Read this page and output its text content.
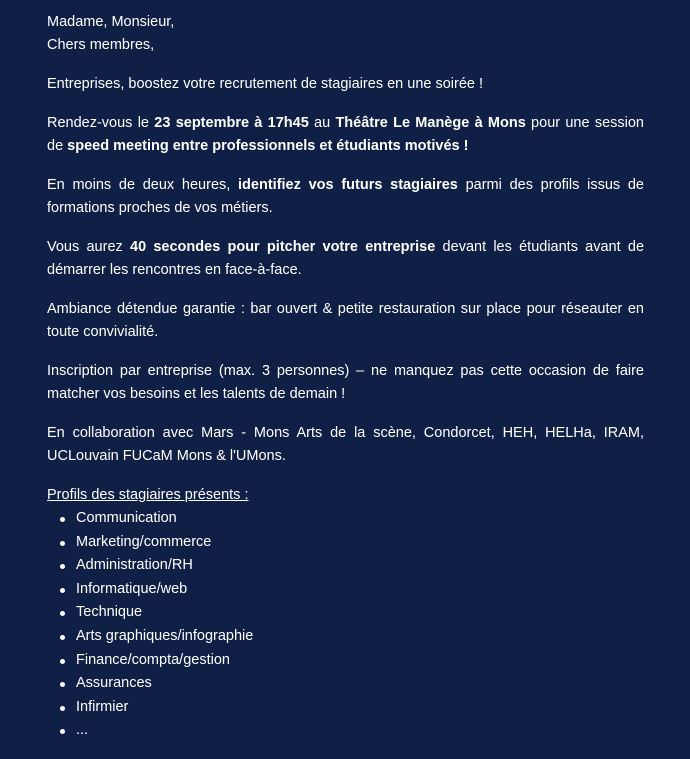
Madame, Monsieur,
Chers membres,

Entreprises, boostez votre recrutement de stagiaires en une soirée !

Rendez-vous le 23 septembre à 17h45 au Théâtre Le Manège à Mons pour une session de speed meeting entre professionnels et étudiants motivés !

En moins de deux heures, identifiez vos futurs stagiaires parmi des profils issus de formations proches de vos métiers.

Vous aurez 40 secondes pour pitcher votre entreprise devant les étudiants avant de démarrer les rencontres en face-à-face.

Ambiance détendue garantie : bar ouvert & petite restauration sur place pour réseauter en toute convivialité.

Inscription par entreprise (max. 3 personnes) – ne manquez pas cette occasion de faire matcher vos besoins et les talents de demain !

En collaboration avec Mars - Mons Arts de la scène, Condorcet, HEH, HELHa, IRAM, UCLouvain FUCaM Mons & l'UMons.

Profils des stagiaires présents :
Communication
Marketing/commerce
Administration/RH
Informatique/web
Technique
Arts graphiques/infographie
Finance/compta/gestion
Assurances
Infirmier
...
